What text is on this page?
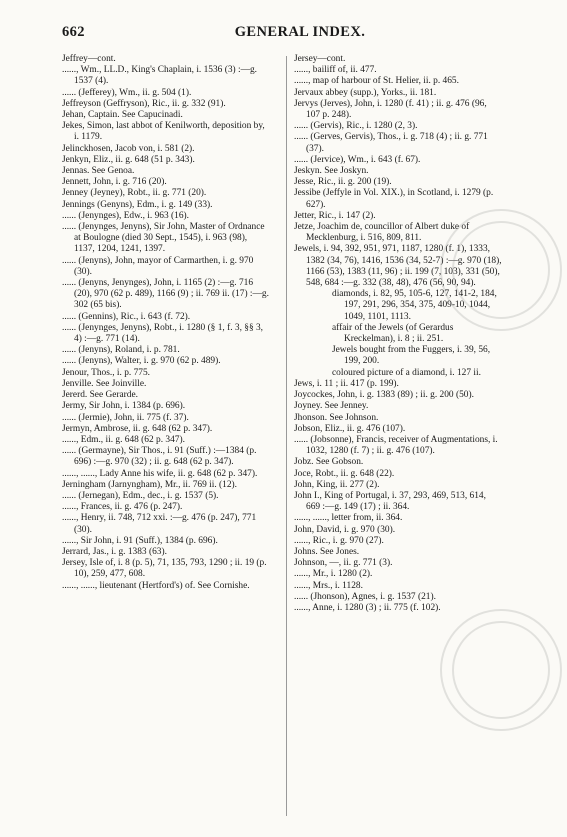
662	GENERAL INDEX.

Jeffrey—cont.

......, Wm., LL.D., King's Chaplain, i. 1536 (3) :—g. 1537 (4).

...... (Jefferey), Wm., ii. g. 504 (1).

Jeffreyson (Geffryson), Ric., ii. g. 332 (91).

Jehan, Captain. See Capucinadi.

Jekes, Simon, last abbot of Kenilworth, deposition by, i. 1179.

Jelinckhosen, Jacob von, i. 581 (2).

Jenkyn, Eliz., ii. g. 648 (51 p. 343).

Jennas. See Genoa.

Jennett, John, i. g. 716 (20).

Jenney (Jeyney), Robt., ii. g. 771 (20).

Jennings (Genyns), Edm., i. g. 149 (33).

...... (Jenynges), Edw., i. 963 (16).

...... (Jenynges, Jenyns), Sir John, Master of Ordnance at Boulogne (died 30 Sept., 1545), i. 963 (98), 1137, 1204, 1241, 1397.

...... (Jenyns), John, mayor of Carmarthen, i. g. 970 (30).

...... (Jenyns, Jenynges), John, i. 1165 (2) :—g. 716 (20), 970 (62 p. 489), 1166 (9) ; ii. 769 ii. (17) :—g. 302 (65 bis).

...... (Gennins), Ric., i. 643 (f. 72).

...... (Jenynges, Jenyns), Robt., i. 1280 (§ 1, f. 3, §§ 3, 4) :—g. 771 (14).

...... (Jenyns), Roland, i. p. 781.

...... (Jenyns), Walter, i. g. 970 (62 p. 489).

Jenour, Thos., i. p. 775.

Jenville. See Joinville.

Jererd. See Gerarde.

Jermy, Sir John, i. 1384 (p. 696).

...... (Jermie), John, ii. 775 (f. 37).

Jermyn, Ambrose, ii. g. 648 (62 p. 347).

......, Edm., ii. g. 648 (62 p. 347).

...... (Germayne), Sir Thos., i. 91 (Suff.) :—1384 (p. 696) :—g. 970 (32) ; ii. g. 648 (62 p. 347).

......, ......, Lady Anne his wife, ii. g. 648 (62 p. 347).

Jerningham (Jarnyngham), Mr., ii. 769 ii. (12).

...... (Jernegan), Edm., dec., i. g. 1537 (5).

......, Frances, ii. g. 476 (p. 247).

......, Henry, ii. 748, 712 xxi. :—g. 476 (p. 247), 771 (30).

......, Sir John, i. 91 (Suff.), 1384 (p. 696).

Jerrard, Jas., i. g. 1383 (63).

Jersey, Isle of, i. 8 (p. 5), 71, 135, 793, 1290 ; ii. 19 (p. 10), 259, 477, 608.

......, ......, lieutenant (Hertford's) of. See Cornishe.

Jersey—cont.

......, bailiff of, ii. 477.

......, map of harbour of St. Helier, ii. p. 465.

Jervaux abbey (supp.), Yorks., ii. 181.

Jervys (Jerves), John, i. 1280 (f. 41) ; ii. g. 476 (96, 107 p. 248).

...... (Gervis), Ric., i. 1280 (2, 3).

...... (Gerves, Gervis), Thos., i. g. 718 (4) ; ii. g. 771 (37).

...... (Jervice), Wm., i. 643 (f. 67).

Jeskyn. See Joskyn.

Jesse, Ric., ii. g. 200 (19).

Jessibe (Jeffyle in Vol. XIX.), in Scotland, i. 1279 (p. 627).

Jetter, Ric., i. 147 (2).

Jetze, Joachim de, councillor of Albert duke of Mecklenburg, i. 516, 809, 811.

Jewels, i. 94, 392, 951, 971, 1187, 1280 (f. 1), 1333, 1382 (34, 76), 1416, 1536 (34, 52-7) :—g. 970 (18), 1166 (53), 1383 (11, 96) ; ii. 199 (7, 103), 331 (50), 548, 684 :—g. 332 (38, 48), 476 (56, 90, 94).

diamonds, i. 82, 95, 105-6, 127, 141-2, 184, 197, 291, 296, 354, 375, 409-10, 1044, 1049, 1101, 1113.

affair of the Jewels (of Gerardus Kreckelman), i. 8 ; ii. 251.

Jewels bought from the Fuggers, i. 39, 56, 199, 200.

coloured picture of a diamond, i. 127 ii.

Jews, i. 11 ; ii. 417 (p. 199).

Joycockes, John, i. g. 1383 (89) ; ii. g. 200 (50).

Joyney. See Jenney.

Jhonson. See Johnson.

Jobson, Eliz., ii. g. 476 (107).

...... (Jobsonne), Francis, receiver of Augmentations, i. 1032, 1280 (f. 7) ; ii. g. 476 (107).

Jobz. See Gobson.

Joce, Robt., ii. g. 648 (22).

John, King, ii. 277 (2).

John I., King of Portugal, i. 37, 293, 469, 513, 614, 669 :—g. 149 (17) ; ii. 364.

......, ......, letter from, ii. 364.

John, David, i. g. 970 (30).

......, Ric., i. g. 970 (27).

Johns. See Jones.

Johnson, —, ii. g. 771 (3).

......, Mr., i. 1280 (2).

......, Mrs., i. 1128.

...... (Jhonson), Agnes, i. g. 1537 (21).

......, Anne, i. 1280 (3) ; ii. 775 (f. 102).
